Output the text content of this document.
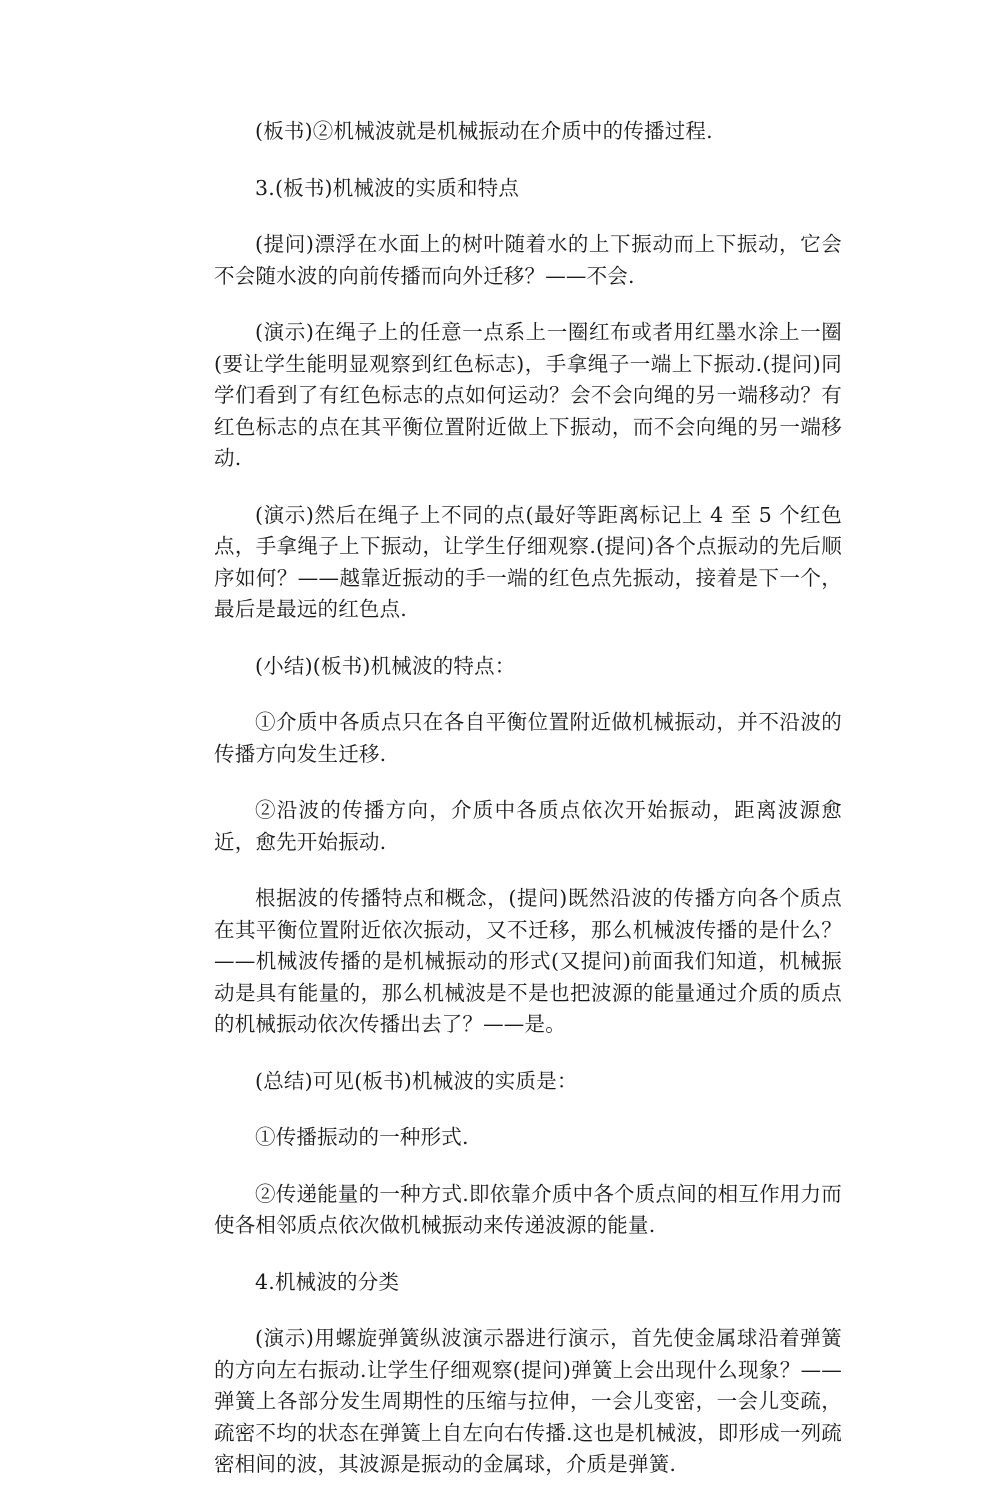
(板书)②机械波就是机械振动在介质中的传播过程.

3.(板书)机械波的实质和特点

(提问)漂浮在水面上的树叶随着水的上下振动而上下振动，它会不会随水波的向前传播而向外迁移？——不会.

(演示)在绳子上的任意一点系上一圈红布或者用红墨水涂上一圈(要让学生能明显观察到红色标志)，手拿绳子一端上下振动.(提问)同学们看到了有红色标志的点如何运动？会不会向绳的另一端移动？有红色标志的点在其平衡位置附近做上下振动，而不会向绳的另一端移动.

(演示)然后在绳子上不同的点(最好等距离标记上 4 至 5 个红色点，手拿绳子上下振动，让学生仔细观察.(提问)各个点振动的先后顺序如何？——越靠近振动的手一端的红色点先振动，接着是下一个，最后是最远的红色点.

(小结)(板书)机械波的特点：

①介质中各质点只在各自平衡位置附近做机械振动，并不沿波的传播方向发生迁移.

②沿波的传播方向，介质中各质点依次开始振动，距离波源愈近，愈先开始振动.

根据波的传播特点和概念，(提问)既然沿波的传播方向各个质点在其平衡位置附近依次振动，又不迁移，那么机械波传播的是什么？——机械波传播的是机械振动的形式(又提问)前面我们知道，机械振动是具有能量的，那么机械波是不是也把波源的能量通过介质的质点的机械振动依次传播出去了？——是。

(总结)可见(板书)机械波的实质是：

①传播振动的一种形式.

②传递能量的一种方式.即依靠介质中各个质点间的相互作用力而使各相邻质点依次做机械振动来传递波源的能量.

4.机械波的分类

(演示)用螺旋弹簧纵波演示器进行演示，首先使金属球沿着弹簧的方向左右振动.让学生仔细观察(提问)弹簧上会出现什么现象？——弹簧上各部分发生周期性的压缩与拉伸，一会儿变密，一会儿变疏，疏密不均的状态在弹簧上自左向右传播.这也是机械波，即形成一列疏密相间的波，其波源是振动的金属球，介质是弹簧.
